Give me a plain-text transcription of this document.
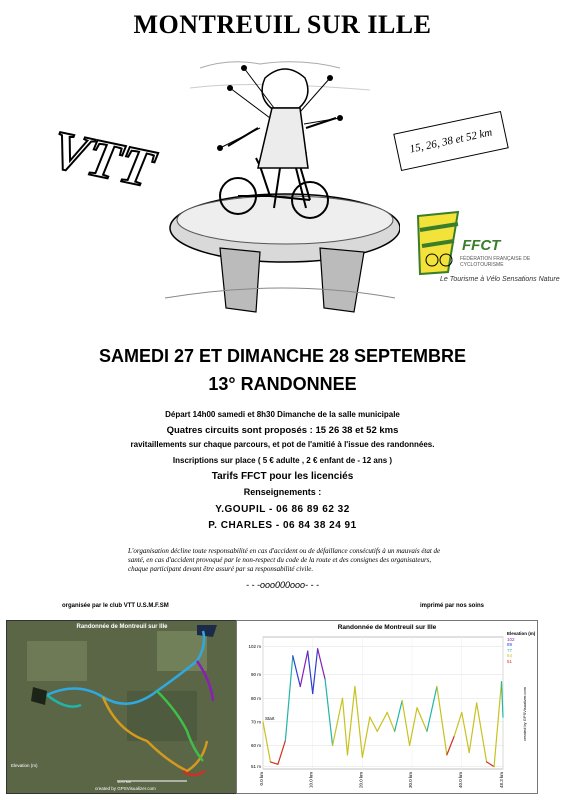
MONTREUIL SUR ILLE
VTT	15, 26, 38 et 52 km
FFCT
FÉDÉRATION FRANÇAISE DE CYCLOTOURISME
Le Tourisme à Vélo Sensations Nature
SAMEDI 27 ET DIMANCHE 28 SEPTEMBRE
13° RANDONNEE
Départ 14h00 samedi et 8h30 Dimanche de la salle municipale
Quatres circuits sont proposés : 15 26 38 et 52 kms
ravitaillements sur chaque parcours, et pot de l'amitié à l'issue des randonnées.
Inscriptions sur place ( 5 € adulte , 2 € enfant de - 12 ans )
Tarifs FFCT pour les licenciés
Renseignements :
Y.GOUPIL - 06 86 89 62 32
P. CHARLES - 06 84 38 24 91
L'organisation décline toute responsabilité en cas d'accident ou de défaillance consécutifs à un mauvais état de santé, en cas d'accident provoqué par le non-respect du code de la route et des consignes des organisateurs, chaque participant devant être assuré par sa responsabilité civile.
- - -ooo000ooo- - -
organisée par le club VTT U.S.M.F.SM	imprimé par nos soins
Randonnée de Montreuil sur Ille
Elevation (m)
10.0 km
created by GPSVisualizer.com
51 m
60 m
70 m
80 m
90 m
102 m
0.0 km	10.0 km	20.0 km	30.0 km	40.0 km	48.3 km
Start
Randonnée de Montreuil sur Ille
Elevation (m)
102
89
77
64
51
created by GPSVisualizer.com
